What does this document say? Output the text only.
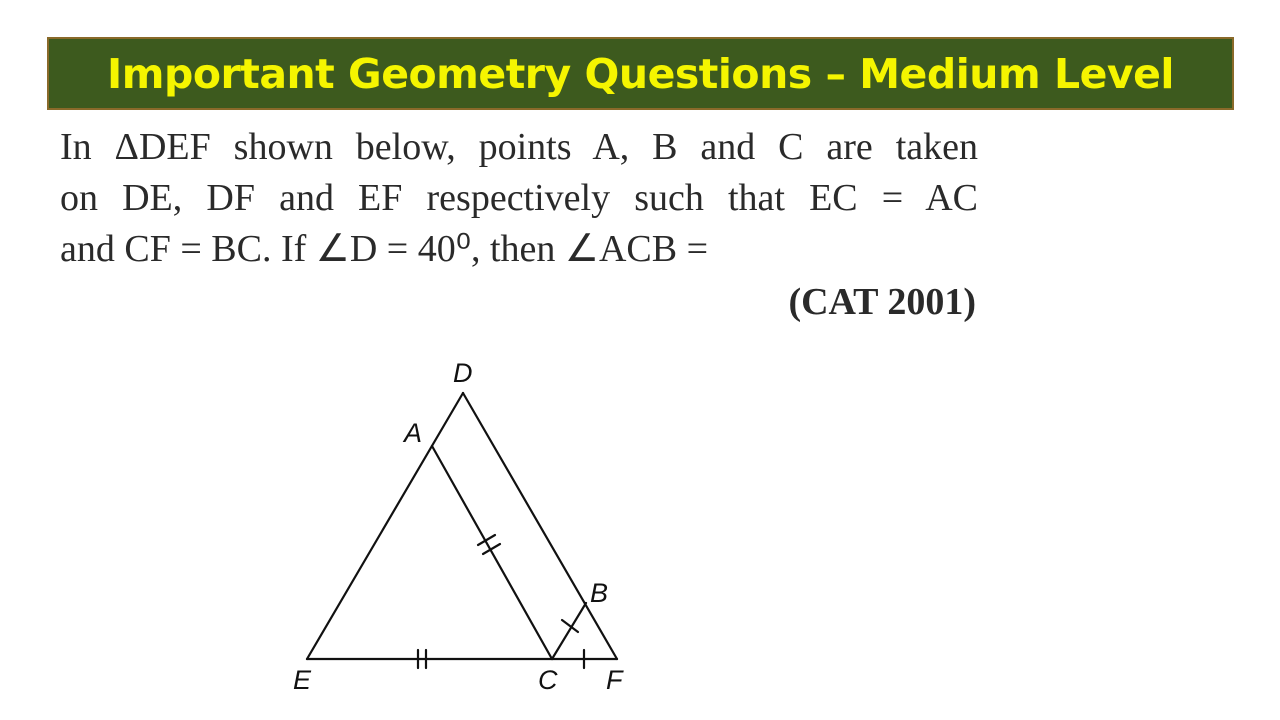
Important Geometry Questions – Medium Level
In ΔDEF shown below, points A, B and C are taken
on DE, DF and EF respectively such that EC = AC
and CF = BC. If ∠D = 40⁰, then ∠ACB =
(CAT 2001)
D
A
B
E	C F
